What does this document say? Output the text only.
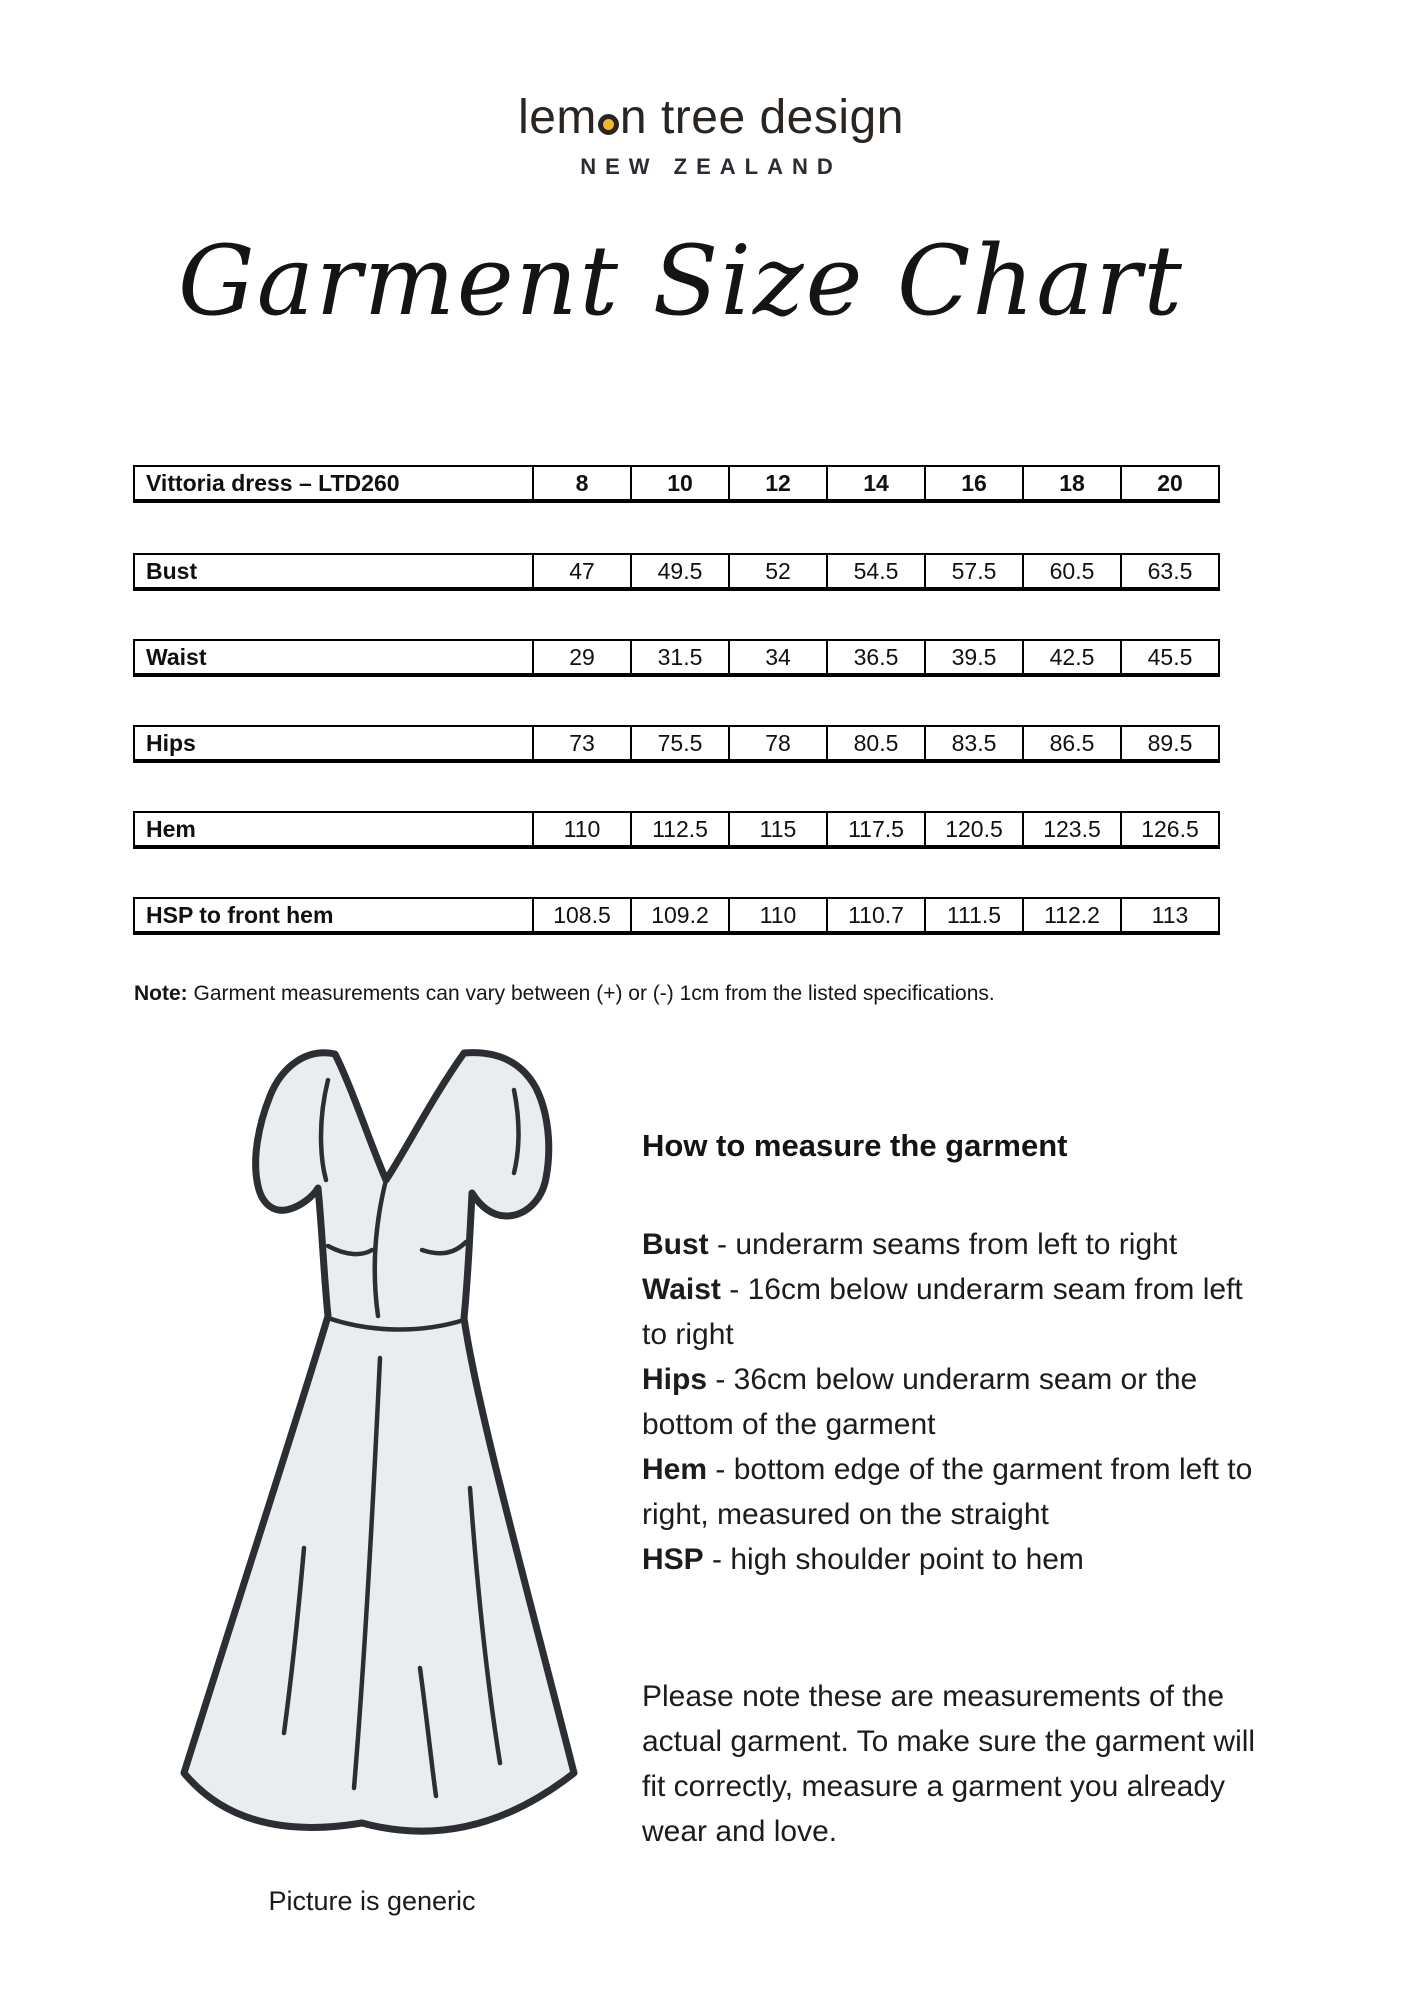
lem n tree design
NEW ZEALAND
Garment Size Chart
Vittoria dress – LTD260	8	10	12	14	16	18	20

Bust	47	49.5	52	54.5	57.5	60.5	63.5

Waist	29	31.5	34	36.5	39.5	42.5	45.5

Hips	73	75.5	78	80.5	83.5	86.5	89.5

Hem	110	112.5	115	117.5	120.5	123.5	126.5

HSP to front hem	108.5	109.2	110	110.7	111.5	112.2	113
Note: Garment measurements can vary between (+) or (-) 1cm from the listed specifications.
Picture is generic
How to measure the garment

Bust - underarm seams from left to right

Waist - 16cm below underarm seam from left to right

Hips - 36cm below underarm seam or the bottom of the garment

Hem - bottom edge of the garment from left to right, measured on the straight

HSP - high shoulder point to hem

Please note these are measurements of the actual garment. To make sure the garment will fit correctly, measure a garment you already wear and love.
